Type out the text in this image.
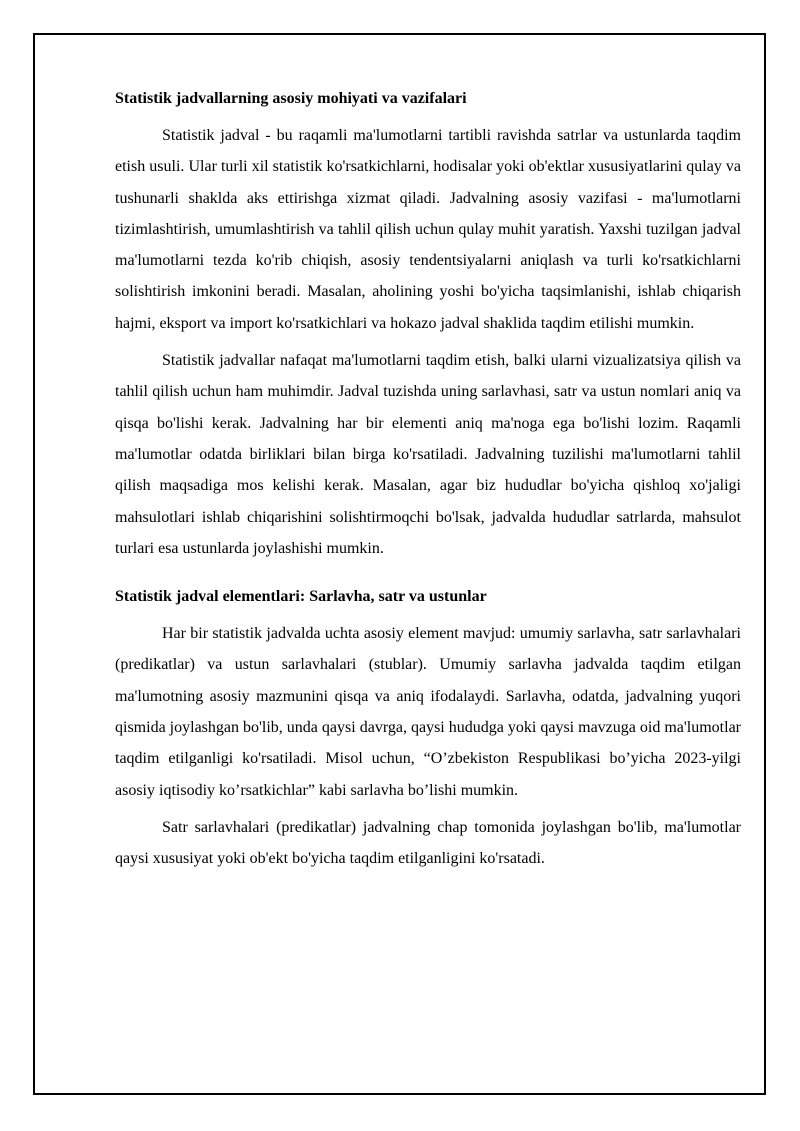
Statistik jadvallarning asosiy mohiyati va vazifalari

Statistik jadval - bu raqamli ma'lumotlarni tartibli ravishda satrlar va ustunlarda taqdim etish usuli. Ular turli xil statistik ko'rsatkichlarni, hodisalar yoki ob'ektlar xususiyatlarini qulay va tushunarli shaklda aks ettirishga xizmat qiladi. Jadvalning asosiy vazifasi - ma'lumotlarni tizimlashtirish, umumlashtirish va tahlil qilish uchun qulay muhit yaratish. Yaxshi tuzilgan jadval ma'lumotlarni tezda ko'rib chiqish, asosiy tendentsiyalarni aniqlash va turli ko'rsatkichlarni solishtirish imkonini beradi. Masalan, aholining yoshi bo'yicha taqsimlanishi, ishlab chiqarish hajmi, eksport va import ko'rsatkichlari va hokazo jadval shaklida taqdim etilishi mumkin.

Statistik jadvallar nafaqat ma'lumotlarni taqdim etish, balki ularni vizualizatsiya qilish va tahlil qilish uchun ham muhimdir. Jadval tuzishda uning sarlavhasi, satr va ustun nomlari aniq va qisqa bo'lishi kerak. Jadvalning har bir elementi aniq ma'noga ega bo'lishi lozim. Raqamli ma'lumotlar odatda birliklari bilan birga ko'rsatiladi. Jadvalning tuzilishi ma'lumotlarni tahlil qilish maqsadiga mos kelishi kerak. Masalan, agar biz hududlar bo'yicha qishloq xo'jaligi mahsulotlari ishlab chiqarishini solishtirmoqchi bo'lsak, jadvalda hududlar satrlarda, mahsulot turlari esa ustunlarda joylashishi mumkin.

Statistik jadval elementlari: Sarlavha, satr va ustunlar

Har bir statistik jadvalda uchta asosiy element mavjud: umumiy sarlavha, satr sarlavhalari (predikatlar) va ustun sarlavhalari (stublar). Umumiy sarlavha jadvalda taqdim etilgan ma'lumotning asosiy mazmunini qisqa va aniq ifodalaydi. Sarlavha, odatda, jadvalning yuqori qismida joylashgan bo'lib, unda qaysi davrga, qaysi hududga yoki qaysi mavzuga oid ma'lumotlar taqdim etilganligi ko'rsatiladi. Misol uchun, “O’zbekiston Respublikasi bo’yicha 2023-yilgi asosiy iqtisodiy ko’rsatkichlar” kabi sarlavha bo’lishi mumkin.

Satr sarlavhalari (predikatlar) jadvalning chap tomonida joylashgan bo'lib, ma'lumotlar qaysi xususiyat yoki ob'ekt bo'yicha taqdim etilganligini ko'rsatadi.
